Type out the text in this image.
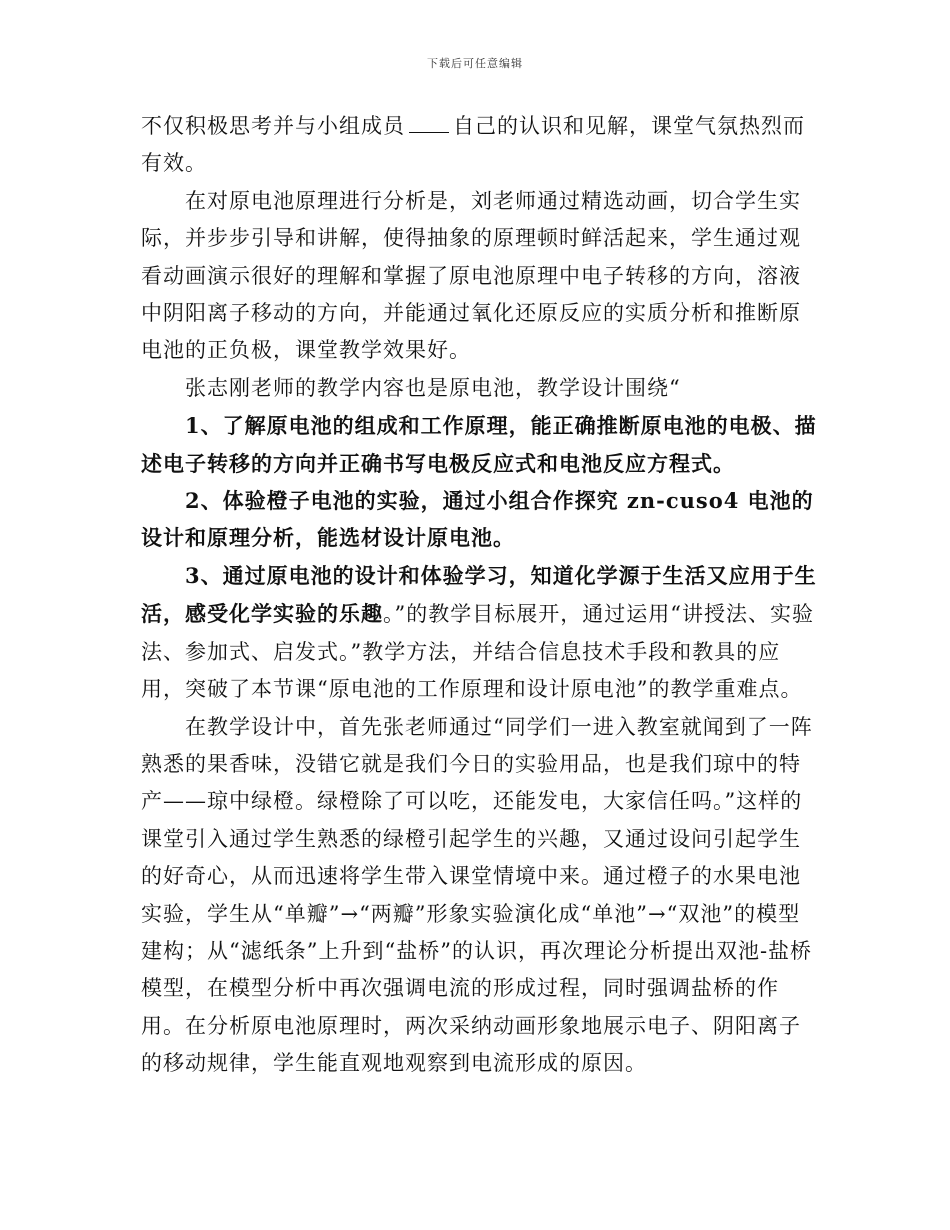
下载后可任意编辑

不仅积极思考并与小组成员 自己的认识和见解，课堂气氛热烈而有效。

在对原电池原理进行分析是，刘老师通过精选动画，切合学生实际，并步步引导和讲解，使得抽象的原理顿时鲜活起来，学生通过观看动画演示很好的理解和掌握了原电池原理中电子转移的方向，溶液中阴阳离子移动的方向，并能通过氧化还原反应的实质分析和推断原电池的正负极，课堂教学效果好。

张志刚老师的教学内容也是原电池，教学设计围绕“

1、了解原电池的组成和工作原理，能正确推断原电池的电极、描述电子转移的方向并正确书写电极反应式和电池反应方程式。

2、体验橙子电池的实验，通过小组合作探究 zn-cuso4 电池的设计和原理分析，能选材设计原电池。

3、通过原电池的设计和体验学习，知道化学源于生活又应用于生活，感受化学实验的乐趣。”的教学目标展开，通过运用“讲授法、实验法、参加式、启发式。”教学方法，并结合信息技术手段和教具的应用，突破了本节课“原电池的工作原理和设计原电池”的教学重难点。

在教学设计中，首先张老师通过“同学们一进入教室就闻到了一阵熟悉的果香味，没错它就是我们今日的实验用品，也是我们琼中的特产——琼中绿橙。绿橙除了可以吃，还能发电，大家信任吗。”这样的课堂引入通过学生熟悉的绿橙引起学生的兴趣，又通过设问引起学生的好奇心，从而迅速将学生带入课堂情境中来。通过橙子的水果电池实验，学生从“单瓣”→“两瓣”形象实验演化成“单池”→“双池”的模型建构；从“滤纸条”上升到“盐桥”的认识，再次理论分析提出双池-盐桥模型，在模型分析中再次强调电流的形成过程，同时强调盐桥的作用。在分析原电池原理时，两次采纳动画形象地展示电子、阴阳离子的移动规律，学生能直观地观察到电流形成的原因。
